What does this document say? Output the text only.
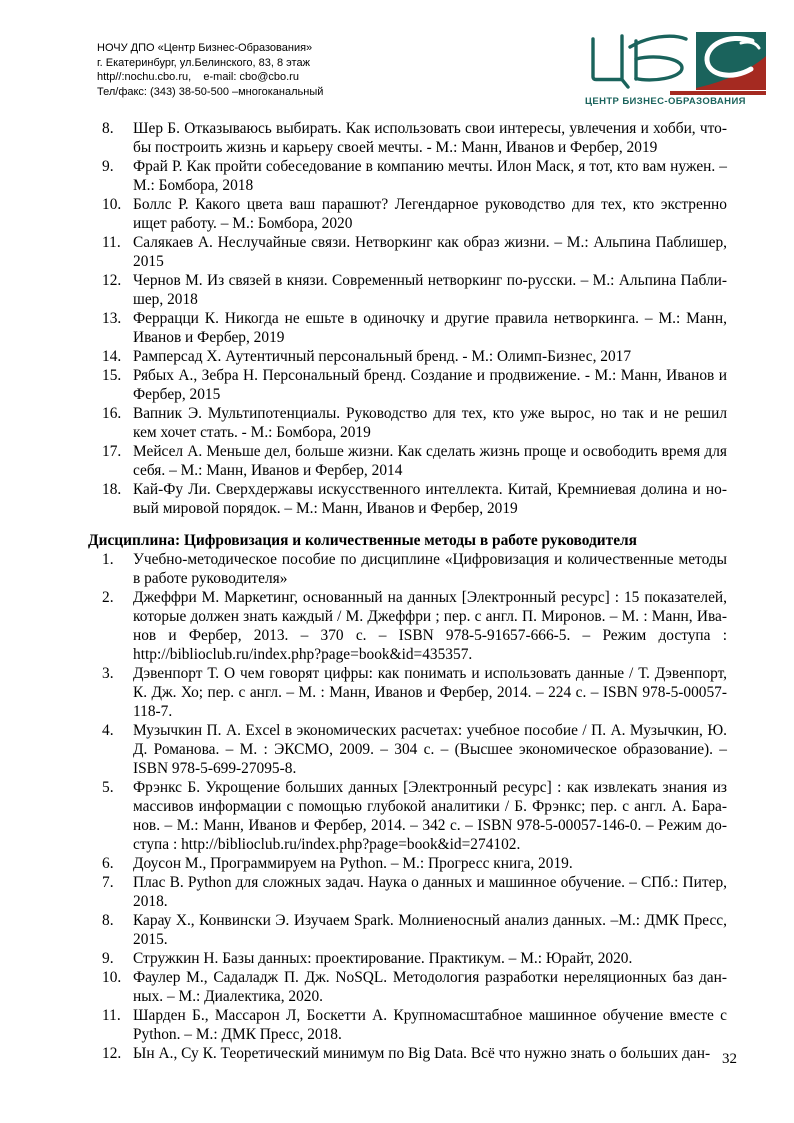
НОЧУ ДПО «Центр Бизнес-Образования»
г. Екатеринбург, ул.Белинского, 83, 8 этаж
http//:nochu.cbo.ru,    e-mail: cbo@cbo.ru
Тел/факс: (343) 38-50-500 –многоканальный
ЦЕНТР БИЗНЕС-ОБРАЗОВАНИЯ
8. Шер Б. Отказываюсь выбирать. Как использовать свои интересы, увлечения и хобби, чтобы построить жизнь и карьеру своей мечты. - М.: Манн, Иванов и Фербер, 2019
9. Фрай Р. Как пройти собеседование в компанию мечты. Илон Маск, я тот, кто вам нужен. – М.: Бомбора, 2018
10. Боллс Р. Какого цвета ваш парашют? Легендарное руководство для тех, кто экстренно ищет работу. – М.: Бомбора, 2020
11. Салякаев А. Неслучайные связи. Нетворкинг как образ жизни. – М.: Альпина Паблишер, 2015
12. Чернов М. Из связей в князи. Современный нетворкинг по-русски. – М.: Альпина Паблишер, 2018
13. Феррацци К. Никогда не ешьте в одиночку и другие правила нетворкинга. – М.: Манн, Иванов и Фербер, 2019
14. Рамперсад Х. Аутентичный персональный бренд. - М.: Олимп-Бизнес, 2017
15. Рябых А., Зебра Н. Персональный бренд. Создание и продвижение. - М.: Манн, Иванов и Фербер, 2015
16. Вапник Э. Мультипотенциалы. Руководство для тех, кто уже вырос, но так и не решил кем хочет стать. - М.: Бомбора, 2019
17. Мейсел А. Меньше дел, больше жизни. Как сделать жизнь проще и освободить время для себя. – М.: Манн, Иванов и Фербер, 2014
18. Кай-Фу Ли. Сверхдержавы искусственного интеллекта. Китай, Кремниевая долина и новый мировой порядок. – М.: Манн, Иванов и Фербер, 2019
Дисциплина: Цифровизация и количественные методы в работе руководителя
1. Учебно-методическое пособие по дисциплине «Цифровизация и количественные методы в работе руководителя»
2. Джеффри М. Маркетинг, основанный на данных [Электронный ресурс] : 15 показателей, которые должен знать каждый / М. Джеффри ; пер. с англ. П. Миронов. – М. : Манн, Иванов и Фербер, 2013. – 370 с. – ISBN 978-5-91657-666-5. – Режим доступа : http://biblioclub.ru/index.php?page=book&id=435357.
3. Дэвенпорт Т. О чем говорят цифры: как понимать и использовать данные / Т. Дэвенпорт, К. Дж. Хо; пер. с англ. – М. : Манн, Иванов и Фербер, 2014. – 224 с. – ISBN 978-5-00057-118-7.
4. Музычкин П. А. Excel в экономических расчетах: учебное пособие / П. А. Музычкин, Ю. Д. Романова. – М. : ЭКСМО, 2009. – 304 с. – (Высшее экономическое образование). – ISBN 978-5-699-27095-8.
5. Фрэнкс Б. Укрощение больших данных [Электронный ресурс] : как извлекать знания из массивов информации с помощью глубокой аналитики / Б. Фрэнкс; пер. с англ. А. Баранов. – М.: Манн, Иванов и Фербер, 2014. – 342 с. – ISBN 978-5-00057-146-0. – Режим доступа : http://biblioclub.ru/index.php?page=book&id=274102.
6. Доусон М., Программируем на Python. – М.: Прогресс книга, 2019.
7. Плас В. Python для сложных задач. Наука о данных и машинное обучение. – СПб.: Питер, 2018.
8. Карау Х., Конвински Э. Изучаем Spark. Молниеносный анализ данных. –М.: ДМК Пресс, 2015.
9. Стружкин Н. Базы данных: проектирование. Практикум. – М.: Юрайт, 2020.
10. Фаулер М., Садаладж П. Дж. NoSQL. Методология разработки нереляционных баз данных. – М.: Диалектика, 2020.
11. Шарден Б., Массарон Л, Боскетти А. Крупномасштабное машинное обучение вместе с Python. – М.: ДМК Пресс, 2018.
12. Ын А., Су К. Теоретический минимум по Big Data. Всё что нужно знать о больших дан- 32
